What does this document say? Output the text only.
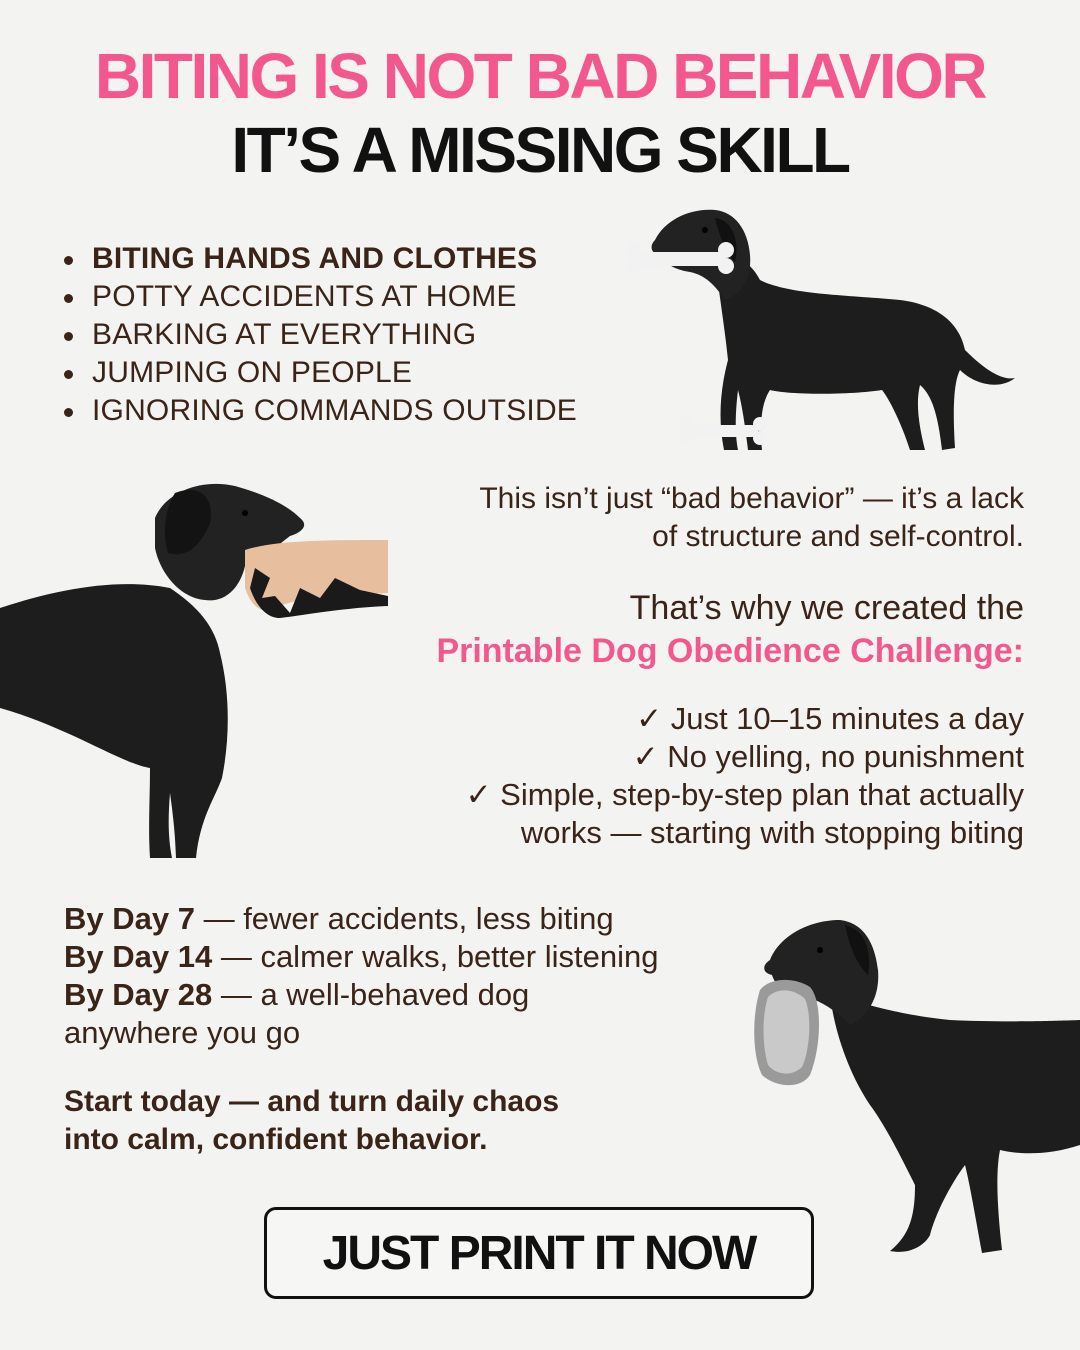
BITING IS NOT BAD BEHAVIOR
IT’S A MISSING SKILL
BITING HANDS AND CLOTHES
POTTY ACCIDENTS AT HOME
BARKING AT EVERYTHING
JUMPING ON PEOPLE
IGNORING COMMANDS OUTSIDE
This isn’t just “bad behavior” — it’s a lack
of structure and self-control.
That’s why we created the
Printable Dog Obedience Challenge:
✓ Just 10–15 minutes a day
✓ No yelling, no punishment
✓ Simple, step-by-step plan that actually
works — starting with stopping biting
By Day 7 — fewer accidents, less biting
By Day 14 — calmer walks, better listening
By Day 28 — a well-behaved dog
anywhere you go
Start today — and turn daily chaos
into calm, confident behavior.
JUST PRINT IT NOW
